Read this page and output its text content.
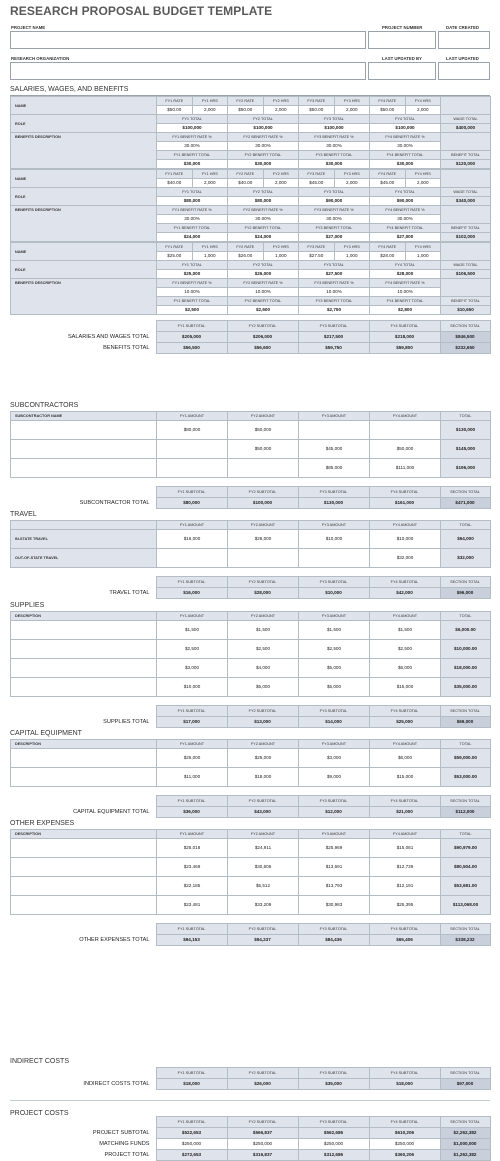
RESEARCH PROPOSAL BUDGET TEMPLATE
PROJECT NAME	PROJECT NUMBER	DATE CREATED
RESEARCH ORGANIZATION	LAST UPDATED BY	LAST UPDATED
SALARIES, WAGES, AND BENEFITS
NAME	FY1 RATE	FY1 HRS	FY2 RATE	FY2 HRS	FY3 RATE	FY3 HRS	FY4 RATE	FY4 HRS	
	$50.00	2,000	$50.00	2,000	$50.00	2,000	$50.00	2,000	
ROLE	FY1 TOTAL		FY2 TOTAL		FY3 TOTAL		FY4 TOTAL		WAGE TOTAL
	$100,000		$100,000		$100,000		$100,000		$400,000
BENEFITS DESCRIPTION	FY1 BENEFIT RATE %		FY2 BENEFIT RATE %		FY3 BENEFIT RATE %		FY4 BENEFIT RATE %		
	30.00%		30.00%		30.00%		30.00%		
	FY1 BENEFIT TOTAL		FY2 BENEFIT TOTAL		FY3 BENEFIT TOTAL		FY4 BENEFIT TOTAL		BENEFIT TOTAL
	$30,000		$30,000		$30,000		$30,000		$120,000
NAME	FY1 RATE	FY1 HRS	FY2 RATE	FY2 HRS	FY3 RATE	FY3 HRS	FY4 RATE	FY4 HRS	
	$40.00	2,000	$40.00	2,000	$45.00	2,000	$45.00	2,000	
ROLE	FY1 TOTAL		FY2 TOTAL		FY3 TOTAL		FY4 TOTAL		WAGE TOTAL
	$80,000		$80,000		$90,000		$90,000		$340,000
BENEFITS DESCRIPTION	FY1 BENEFIT RATE %		FY2 BENEFIT RATE %		FY3 BENEFIT RATE %		FY4 BENEFIT RATE %		
	30.00%		30.00%		30.00%		30.00%		
	FY1 BENEFIT TOTAL		FY2 BENEFIT TOTAL		FY3 BENEFIT TOTAL		FY4 BENEFIT TOTAL		BENEFIT TOTAL
	$24,000		$24,000		$27,000		$27,000		$102,000
NAME	FY1 RATE	FY1 HRS	FY2 RATE	FY2 HRS	FY3 RATE	FY3 HRS	FY4 RATE	FY4 HRS	
	$25.00	1,000	$26.00	1,000	$27.50	1,000	$28.00	1,000	
ROLE	FY1 TOTAL		FY2 TOTAL		FY3 TOTAL		FY4 TOTAL		WAGE TOTAL
	$25,000		$26,000		$27,500		$28,000		$106,500
BENEFITS DESCRIPTION	FY1 BENEFIT RATE %		FY2 BENEFIT RATE %		FY3 BENEFIT RATE %		FY4 BENEFIT RATE %		
	10.00%		10.00%		10.00%		10.00%		
	FY1 BENEFIT TOTAL		FY2 BENEFIT TOTAL		FY3 BENEFIT TOTAL		FY4 BENEFIT TOTAL		BENEFIT TOTAL
	$2,500		$2,600		$2,750		$2,800		$10,650
	FY1 SUBTOTAL	FY2 SUBTOTAL	FY3 SUBTOTAL	FY4 SUBTOTAL	SECTION TOTAL
SALARIES AND WAGES TOTAL	$205,000	$206,000	$217,500	$218,000	$846,500
BENEFITS TOTAL	$56,500	$56,600	$59,750	$59,800	$232,650
SUBCONTRACTORS
SUBCONTRACTOR NAME	FY1 AMOUNT	FY2 AMOUNT	FY3 AMOUNT	FY4 AMOUNT	TOTAL
	$80,000	$50,000			$130,000
		$50,000	$45,000	$50,000	$145,000
			$85,000	$111,000	$196,000
	FY1 SUBTOTAL	FY2 SUBTOTAL	FY3 SUBTOTAL	FY4 SUBTOTAL	SECTION TOTAL
SUBCONTRACTOR TOTAL	$80,000	$100,000	$130,000	$161,000	$471,000
TRAVEL
	FY1 AMOUNT	FY2 AMOUNT	FY3 AMOUNT	FY4 AMOUNT	TOTAL
IN-STATE TRAVEL	$16,000	$28,000	$10,000	$10,000	$64,000
OUT-OF-STATE TRAVEL				$32,000	$32,000
	FY1 SUBTOTAL	FY2 SUBTOTAL	FY3 SUBTOTAL	FY4 SUBTOTAL	SECTION TOTAL
TRAVEL TOTAL	$16,000	$28,000	$10,000	$42,000	$96,000
SUPPLIES
DESCRIPTION	FY1 AMOUNT	FY2 AMOUNT	FY3 AMOUNT	FY4 AMOUNT	TOTAL
	$1,500	$1,500	$1,500	$1,500	$6,000.00
	$2,500	$2,500	$2,500	$2,500	$10,000.00
	$3,000	$4,000	$5,000	$6,000	$18,000.00
	$10,000	$5,000	$5,000	$15,000	$35,000.00
	FY1 SUBTOTAL	FY2 SUBTOTAL	FY3 SUBTOTAL	FY4 SUBTOTAL	SECTION TOTAL
SUPPLIES TOTAL	$17,000	$13,000	$14,000	$25,000	$69,000
CAPITAL EQUIPMENT
DESCRIPTION	FY1 AMOUNT	FY2 AMOUNT	FY3 AMOUNT	FY4 AMOUNT	TOTAL
	$25,000	$25,000	$3,000	$6,000	$59,000.00
	$11,000	$18,000	$9,000	$15,000	$53,000.00
	FY1 SUBTOTAL	FY2 SUBTOTAL	FY3 SUBTOTAL	FY4 SUBTOTAL	SECTION TOTAL
CAPITAL EQUIPMENT TOTAL	$36,000	$43,000	$12,000	$21,000	$112,000
OTHER EXPENSES
DESCRIPTION	FY1 AMOUNT	FY2 AMOUNT	FY3 AMOUNT	FY4 AMOUNT	TOTAL
	$25,018	$24,911	$25,969	$15,081	$90,979.00
	$23,469	$30,605	$13,691	$12,739	$80,504.00
	$22,185	$5,512	$13,793	$12,191	$53,681.00
	$23,481	$33,209	$30,983	$25,395	$113,068.00
	FY1 SUBTOTAL	FY2 SUBTOTAL	FY3 SUBTOTAL	FY4 SUBTOTAL	SECTION TOTAL
OTHER EXPENSES TOTAL	$94,153	$94,237	$84,436	$65,406	$338,232
INDIRECT COSTS
	FY1 SUBTOTAL	FY2 SUBTOTAL	FY3 SUBTOTAL	FY4 SUBTOTAL	SECTION TOTAL
INDIRECT COSTS TOTAL	$18,000	$26,000	$35,000	$18,000	$97,000
PROJECT COSTS
	FY1 SUBTOTAL	FY2 SUBTOTAL	FY3 SUBTOTAL	FY4 SUBTOTAL	SECTION TOTAL
PROJECT SUBTOTAL	$522,653	$566,837	$562,686	$610,206	$2,262,382
MATCHING FUNDS	$250,000	$250,000	$250,000	$250,000	$1,000,000
PROJECT TOTAL	$272,653	$316,837	$312,686	$360,206	$1,262,382
